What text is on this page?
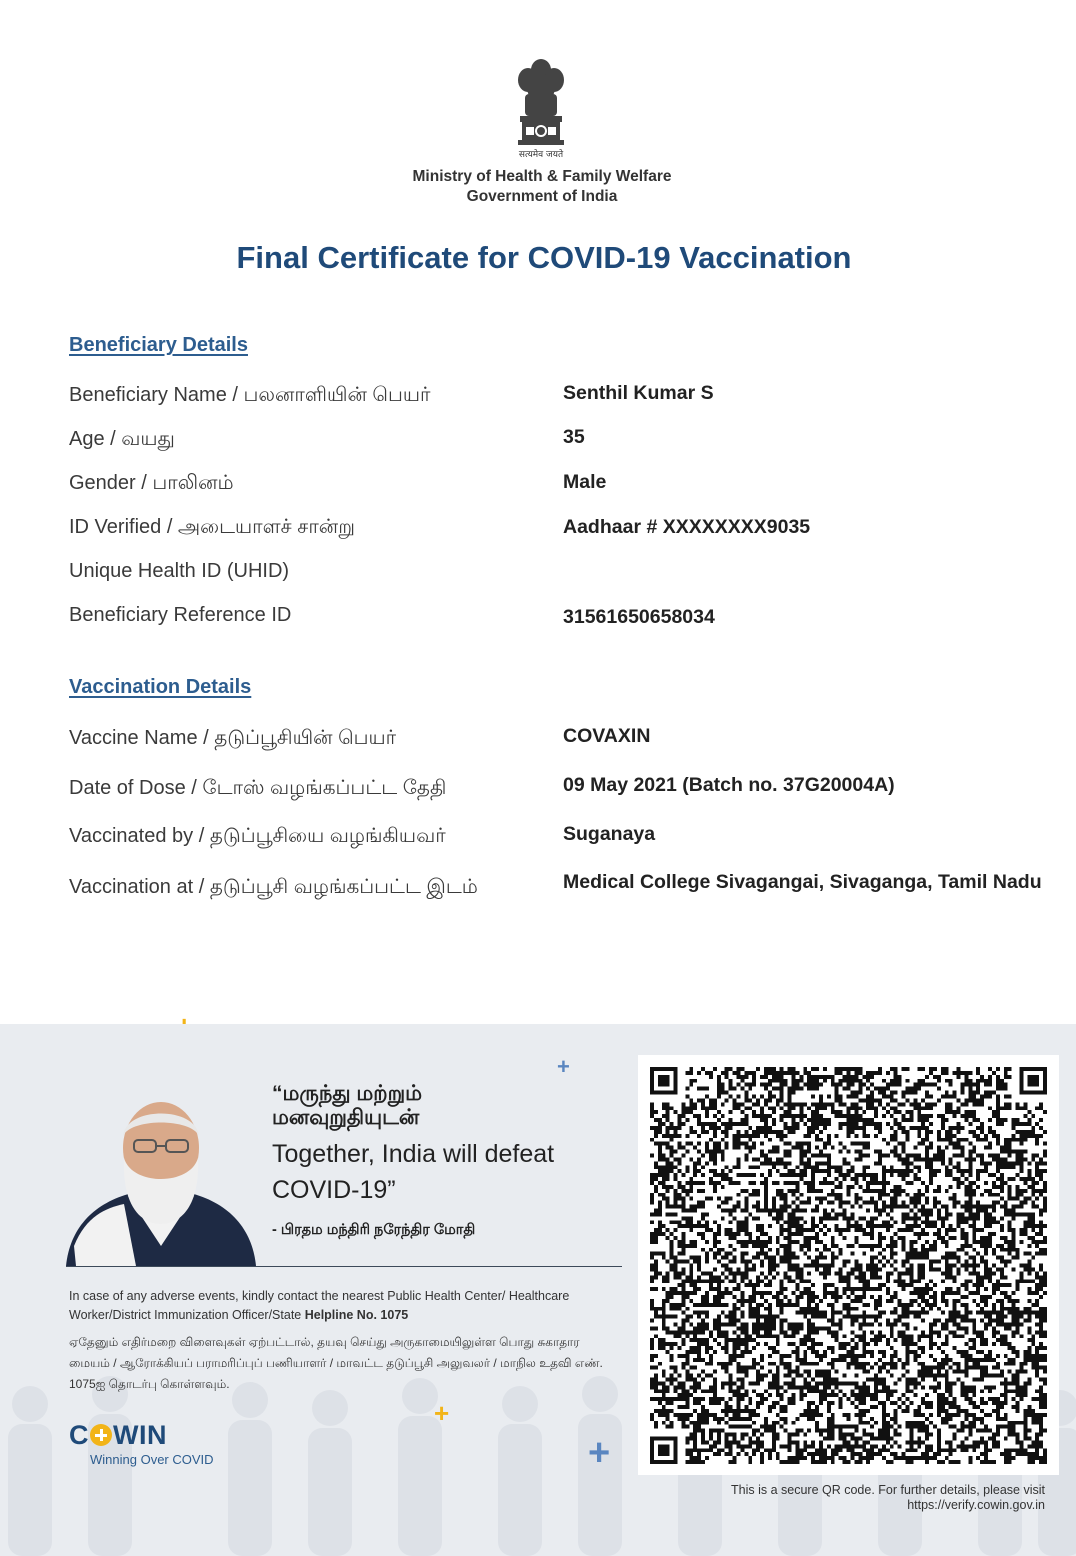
सत्यमेव जयते
Ministry of Health & Family Welfare
Government of India
Final Certificate for COVID-19 Vaccination
Beneficiary Details
Beneficiary Name / பலனாளியின் பெயர்	Senthil Kumar S
Age / வயது	35
Gender / பாலினம்	Male
ID Verified / அடையாளச் சான்று	Aadhaar # XXXXXXXX9035
Unique Health ID (UHID)
Beneficiary Reference ID	31561650658034
Vaccination Details
Vaccine Name / தடுப்பூசியின் பெயர்	COVAXIN
Date of Dose / டோஸ் வழங்கப்பட்ட தேதி	09 May 2021 (Batch no. 37G20004A)
Vaccinated by / தடுப்பூசியை வழங்கியவர்	Suganaya
Vaccination at / தடுப்பூசி வழங்கப்பட்ட இடம்	Medical College Sivagangai, Sivaganga, Tamil Nadu
+
+
+
“மருந்து மற்றும் மனவுறுதியுடன்
Together, India will defeat COVID-19”
- பிரதம மந்திரி நரேந்திர மோதி
In case of any adverse events, kindly contact the nearest Public Health Center/ Healthcare Worker/District Immunization Officer/State Helpline No. 1075
ஏதேனும் எதிர்மறை விளைவுகள் ஏற்பட்டால், தயவு செய்து அருகாமையிலுள்ள பொது சுகாதார மையம் / ஆரோக்கியப் பராமரிப்புப் பணியாளர் / மாவட்ட தடுப்பூசி அலுவலர் / மாநில உதவி எண். 1075ஐ தொடர்பு கொள்ளவும்.
C WIN
Winning Over COVID
This is a secure QR code. For further details, please visit
https://verify.cowin.gov.in
